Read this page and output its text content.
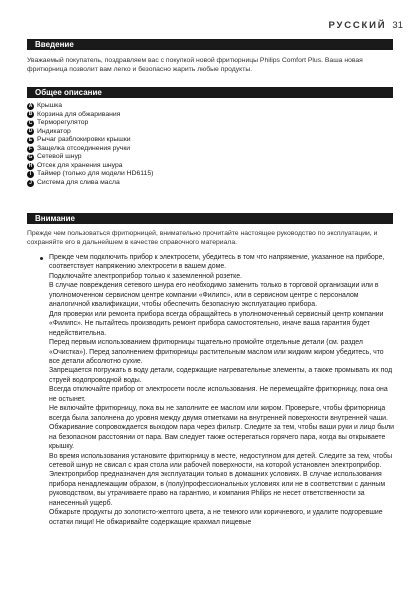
РУССКИЙ 31
Введение
Уважаемый покупатель, поздравляем вас с покупкой новой фритюрницы Philips Comfort Plus. Ваша новая фритюрница позволит вам легко и безопасно жарить любые продукты.
Общее описание
A Крышка
B Корзина для обжаривания
C Терморегулятор
D Индикатор
E Рычаг разблокировки крышки
F Защелка отсоединения ручки
G Сетевой шнур
H Отсек для хранения шнура
I Таймер (только для модели HD6115)
J Система для слива масла
Внимание
Прежде чем пользоваться фритюрницей, внимательно прочитайте настоящее руководство по эксплуатации, и сохраняйте его в дальнейшем в качестве справочного материала.

Прежде чем подключить прибор к электросети, убедитесь в том что напряжение, указанное на приборе, соответствует напряжению электросети в вашем доме.

Подключайте электроприбор только к заземленной розетке.

В случае повреждения сетевого шнура его необходимо заменить только в торговой организации или в уполномоченном сервисном центре компании «Филипс», или в сервисном центре с персоналом аналогичной квалификации, чтобы обеспечить безопасную эксплуатацию прибора.

Для проверки или ремонта прибора всегда обращайтесь в уполномоченный сервисный центр компании «Филипс». Не пытайтесь производить ремонт прибора самостоятельно, иначе ваша гарантия будет недействительна.

Перед первым использованием фритюрницы тщательно промойте отдельные детали (см. раздел «Очистка»). Перед заполнением фритюрницы растительным маслом или жидким жиром убедитесь, что все детали абсолютно сухие.

Запрещается погружать в воду детали, содержащие нагревательные элементы, а также промывать их под струей водопроводной воды.

Всегда отключайте прибор от электросети после использования. Не перемещайте фритюрницу, пока она не остынет.

Не включайте фритюрницу, пока вы не заполните ее маслом или жиром. Проверьте, чтобы фритюрница всегда была заполнена до уровня между двумя отметками на внутренней поверхности внутренней чаши.

Обжаривание сопровождается выходом пара через фильтр. Следите за тем, чтобы ваши руки и лицо были на безопасном расстоянии от пара. Вам следует также остерегаться горячего пара, когда вы открываете крышку.

Во время использования установите фритюрницу в месте, недоступном для детей. Следите за тем, чтобы сетевой шнур не свисал с края стола или рабочей поверхности, на которой установлен электроприбор.

Электроприбор предназначен для эксплуатации только в домашних условиях. В случае использования прибора ненадлежащим образом, в (полу)профессиональных условиях или не в соответствии с данным руководством, вы утрачиваете право на гарантию, и компания Philips не несет ответственности за нанесенный ущерб.

Обжарьте продукты до золотисто-желтого цвета, а не темного или коричневого, и удалите подгоревшие остатки пищи! Не обжаривайте содержащие крахмал пищевые
